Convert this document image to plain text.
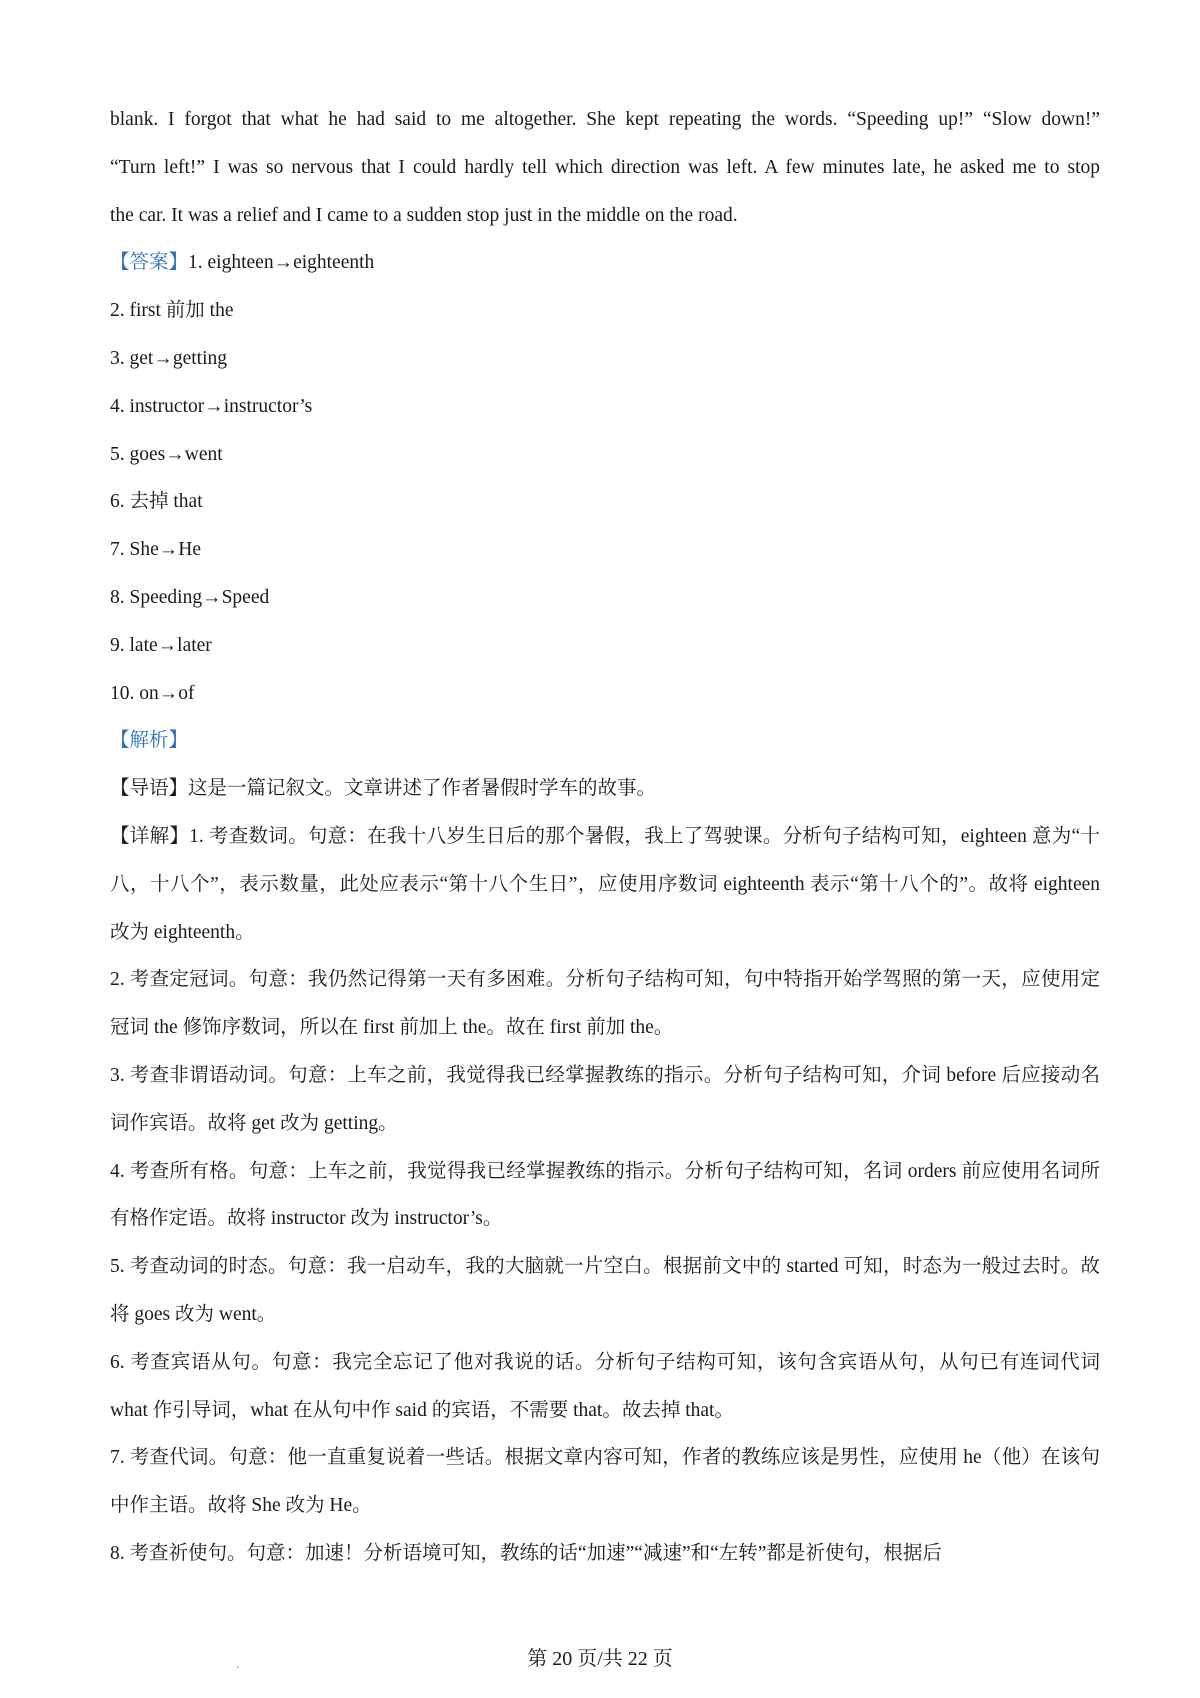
blank. I forgot that what he had said to me altogether. She kept repeating the words. “Speeding up!” “Slow down!”
“Turn left!” I was so nervous that I could hardly tell which direction was left. A few minutes late, he asked me to stop
the car. It was a relief and I came to a sudden stop just in the middle on the road.
【答案】1. eighteen→eighteenth
2. first 前加 the
3. get→getting
4. instructor→instructor’s
5. goes→went
6. 去掉 that
7. She→He
8. Speeding→Speed
9. late→later
10. on→of
【解析】
【导语】这是一篇记叙文。文章讲述了作者暑假时学车的故事。
【详解】1. 考查数词。句意：在我十八岁生日后的那个暑假，我上了驾驶课。分析句子结构可知，eighteen 意为“十八，十八个”，表示数量，此处应表示“第十八个生日”，应使用序数词 eighteenth 表示“第十八个的”。故将 eighteen 改为 eighteenth。
2. 考查定冠词。句意：我仍然记得第一天有多困难。分析句子结构可知，句中特指开始学驾照的第一天，应使用定冠词 the 修饰序数词，所以在 first 前加上 the。故在 first 前加 the。
3. 考查非谓语动词。句意：上车之前，我觉得我已经掌握教练的指示。分析句子结构可知，介词 before 后应接动名词作宾语。故将 get 改为 getting。
4. 考查所有格。句意：上车之前，我觉得我已经掌握教练的指示。分析句子结构可知，名词 orders 前应使用名词所有格作定语。故将 instructor 改为 instructor’s。
5. 考查动词的时态。句意：我一启动车，我的大脑就一片空白。根据前文中的 started 可知，时态为一般过去时。故将 goes 改为 went。
6. 考查宾语从句。句意：我完全忘记了他对我说的话。分析句子结构可知，该句含宾语从句，从句已有连词代词 what 作引导词，what 在从句中作 said 的宾语，不需要 that。故去掉 that。
7. 考查代词。句意：他一直重复说着一些话。根据文章内容可知，作者的教练应该是男性，应使用 he（他）在该句中作主语。故将 She 改为 He。
8. 考查祈使句。句意：加速！分析语境可知，教练的话“加速”“减速”和“左转”都是祈使句，根据后
第 20 页/共 22 页
